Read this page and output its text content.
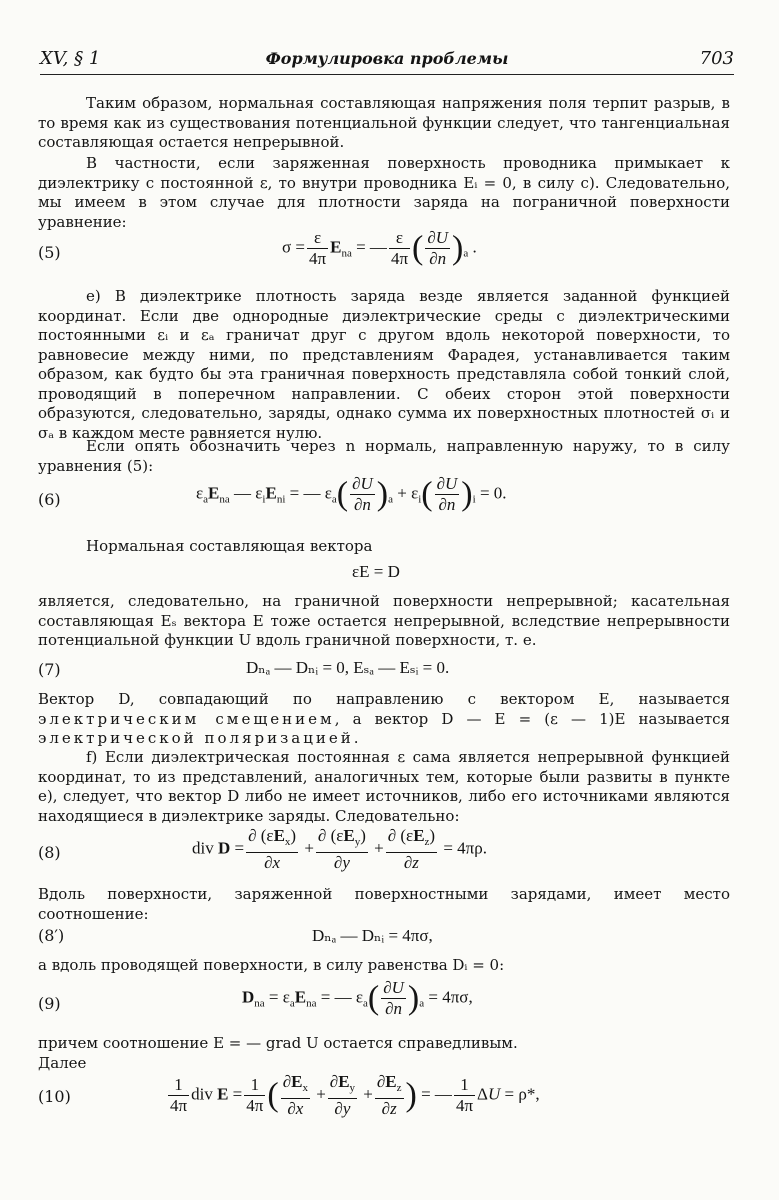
XV, § 1	Формулировка проблемы	703
Таким образом, нормальная составляющая напряжения поля терпит разрыв, в то время как из существования потенциальной функции следует, что тангенциальная составляющая остается непрерывной.
В частности, если заряженная поверхность проводника примыкает к диэлектрику с постоянной ε, то внутри проводника Eᵢ = 0, в силу с). Следовательно, мы имеем в этом случае для плотности заряда на пограничной поверхности уравнение:
(5)	$\sigma = \frac{\varepsilon}{4\pi} E_{na}$ = — $\frac{\varepsilon}{4\pi}$ ( $\frac{\partial U}{\partial n} )_a$ .
e) В диэлектрике плотность заряда везде является заданной функцией координат. Если две однородные диэлектрические среды с диэлектрическими постоянными εᵢ и εₐ граничат друг с другом вдоль некоторой поверхности, то равновесие между ними, по представлениям Фарадея, устанавливается таким образом, как будто бы эта граничная поверхность представляла собой тонкий слой, проводящий в поперечном направлении. С обеих сторон этой поверхности образуются, следовательно, заряды, однако сумма их поверхностных плотностей σᵢ и σₐ в каждом месте равняется нулю.
Если опять обозначить через n нормаль, направленную наружу, то в силу уравнения (5):
(6)	$\varepsilon_aE_{na}$ — $\varepsilon_iE_{ni}$ = — $\varepsilon_a( \frac{\partial U}{\partial n} )_a + \varepsilon_i( \frac{\partial U}{\partial n} )_i = 0$.
Нормальная составляющая вектора
εE = D
является, следовательно, на граничной поверхности непрерывной; касательная составляющая Eₛ вектора E тоже остается непрерывной, вследствие непрерывности потенциальной функции U вдоль граничной поверхности, т. е.
(7)	Dₙₐ — Dₙᵢ = 0, Eₛₐ — Eₛᵢ = 0.
Вектор D, совпадающий по направлению с вектором E, называется электрическим смещением, а вектор D — E = (ε — 1)E называется электрической поляризацией.
f) Если диэлектрическая постоянная ε сама является непрерывной функцией координат, то из представлений, аналогичных тем, которые были развиты в пункте e), следует, что вектор D либо не имеет источников, либо его источниками являются находящиеся в диэлектрике заряды. Следовательно:
(8)	div $D = \frac{\partial (\varepsilon E_x)}{\partial x} + \frac{\partial (\varepsilon E_y)}{\partial y} + \frac{\partial (\varepsilon E_z)}{\partial z} = 4\pi\rho$.
Вдоль поверхности, заряженной поверхностными зарядами, имеет место соотношение:
(8′)	Dₙₐ — Dₙᵢ = 4πσ,
а вдоль проводящей поверхности, в силу равенства Dᵢ = 0:
(9)	$D_{na} = \varepsilon_aE_{na}$ = — $\varepsilon_a( \frac{\partial U}{\partial n} )_a = 4\pi\sigma$,
причем соотношение E = — grad U остается справедливым.
Далее
(10)	$\frac{1}{4\pi}$ div $E = \frac{1}{4\pi}$ ( $\frac{\partial E_x}{\partial x} + \frac{\partial E_y}{\partial y} + \frac{\partial E_z}{\partial z}$ ) = — $\frac{1}{4\pi}$ ΔU = ρ*,
